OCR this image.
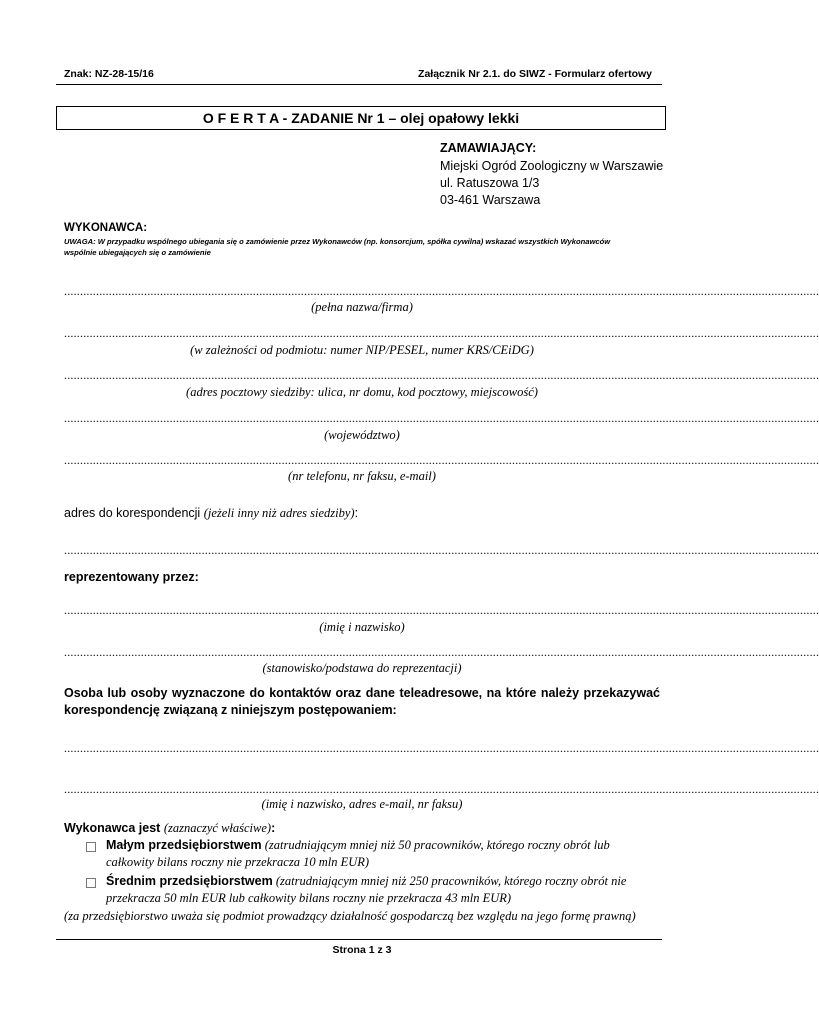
Znak: NZ-28-15/16	Załącznik Nr 2.1. do SIWZ - Formularz ofertowy
O F E R T A - ZADANIE Nr 1 – olej opałowy lekki
ZAMAWIAJĄCY:
Miejski Ogród Zoologiczny w Warszawie
ul. Ratuszowa 1/3
03-461 Warszawa
WYKONAWCA:
UWAGA: W przypadku wspólnego ubiegania się o zamówienie przez Wykonawców (np. konsorcjum, spółka cywilna) wskazać wszystkich Wykonawców
wspólnie ubiegających się o zamówienie
............................................................................................................................................................................................................................................
(pełna nazwa/firma)
............................................................................................................................................................................................................................................
(w zależności od podmiotu: numer NIP/PESEL, numer KRS/CEiDG)
............................................................................................................................................................................................................................................
(adres pocztowy siedziby: ulica, nr domu, kod pocztowy, miejscowość)
............................................................................................................................................................................................................................................
(województwo)
............................................................................................................................................................................................................................................
(nr telefonu, nr faksu, e-mail)
adres do korespondencji (jeżeli inny niż adres siedziby):
............................................................................................................................................................................................................................................
reprezentowany przez:
............................................................................................................................................................................................................................................
(imię i nazwisko)
............................................................................................................................................................................................................................................
(stanowisko/podstawa do reprezentacji)
Osoba lub osoby wyznaczone do kontaktów oraz dane teleadresowe, na które należy przekazywać
korespondencję związaną z niniejszym postępowaniem:
............................................................................................................................................................................................................................................
............................................................................................................................................................................................................................................
(imię i nazwisko, adres e-mail, nr faksu)
Wykonawca jest (zaznaczyć właściwe):
Małym przedsiębiorstwem (zatrudniającym mniej niż 50 pracowników, którego roczny obrót lub
całkowity bilans roczny nie przekracza 10 mln EUR)
Średnim przedsiębiorstwem (zatrudniającym mniej niż 250 pracowników, którego roczny obrót nie
przekracza 50 mln EUR lub całkowity bilans roczny nie przekracza 43 mln EUR)
(za przedsiębiorstwo uważa się podmiot prowadzący działalność gospodarczą bez względu na jego formę prawną)
Strona 1 z 3
